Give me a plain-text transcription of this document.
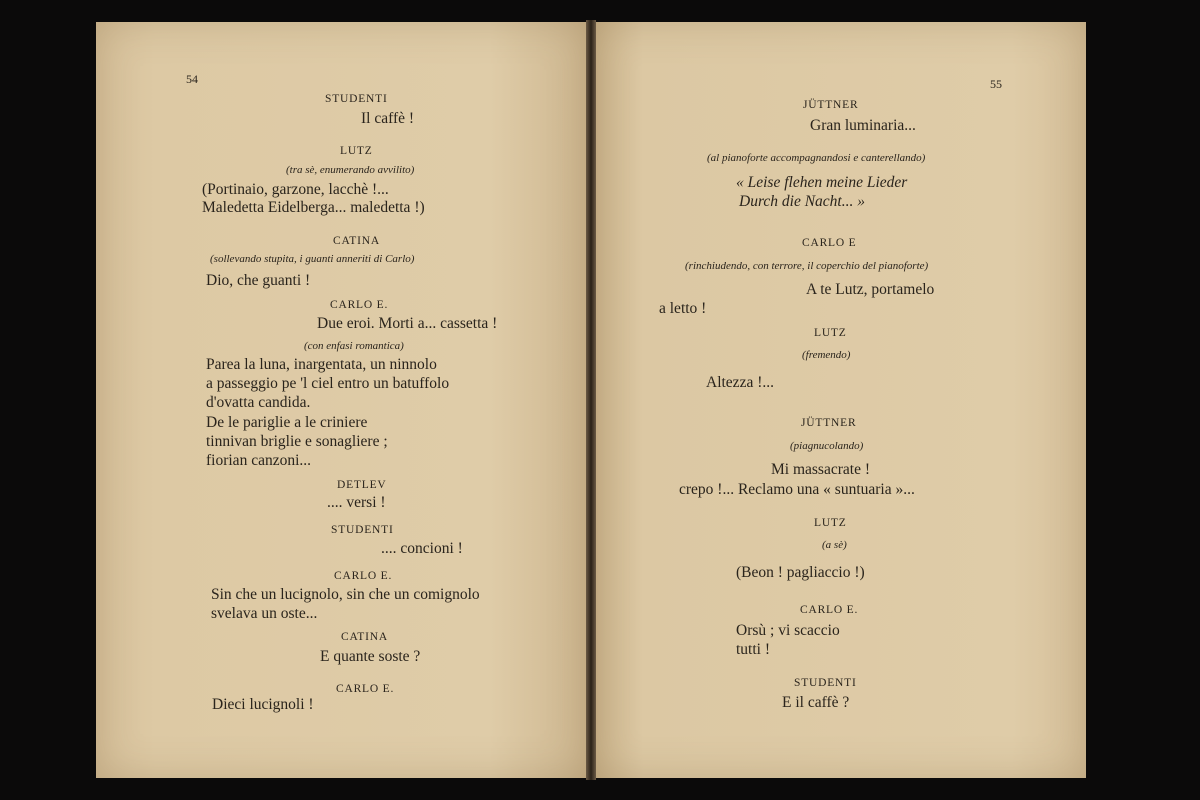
54
STUDENTI
Il caffè !
LUTZ
(tra sè, enumerando avvilito)
(Portinaio, garzone, lacchè !...
Maledetta Eidelberga... maledetta !)
CATINA
(sollevando stupita, i guanti anneriti di Carlo)
Dio, che guanti !
CARLO E.
Due eroi. Morti a... cassetta !
(con enfasi romantica)
Parea la luna, inargentata, un ninnolo
a passeggio pe 'l ciel entro un batuffolo
d'ovatta candida.
De le pariglie a le criniere
tinnivan briglie e sonagliere ;
fiorian canzoni...
DETLEV
.... versi !
STUDENTI
.... concioni !
CARLO E.
Sin che un lucignolo, sin che un comignolo
svelava un oste...
CATINA
E quante soste ?
CARLO E.
Dieci lucignoli !
55
JÜTTNER
Gran luminaria...
(al pianoforte accompagnandosi e canterellando)
« Leise flehen meine Lieder
Durch die Nacht... »
CARLO E
(rinchiudendo, con terrore, il coperchio del pianoforte)
A te Lutz, portamelo
a letto !
LUTZ
(fremendo)
Altezza !...
JÜTTNER
(piagnucolando)
Mi massacrate !
crepo !... Reclamo una « suntuaria »...
LUTZ
(a sè)
(Beon ! pagliaccio !)
CARLO E.
Orsù ; vi scaccio
tutti !
STUDENTI
E il caffè ?
